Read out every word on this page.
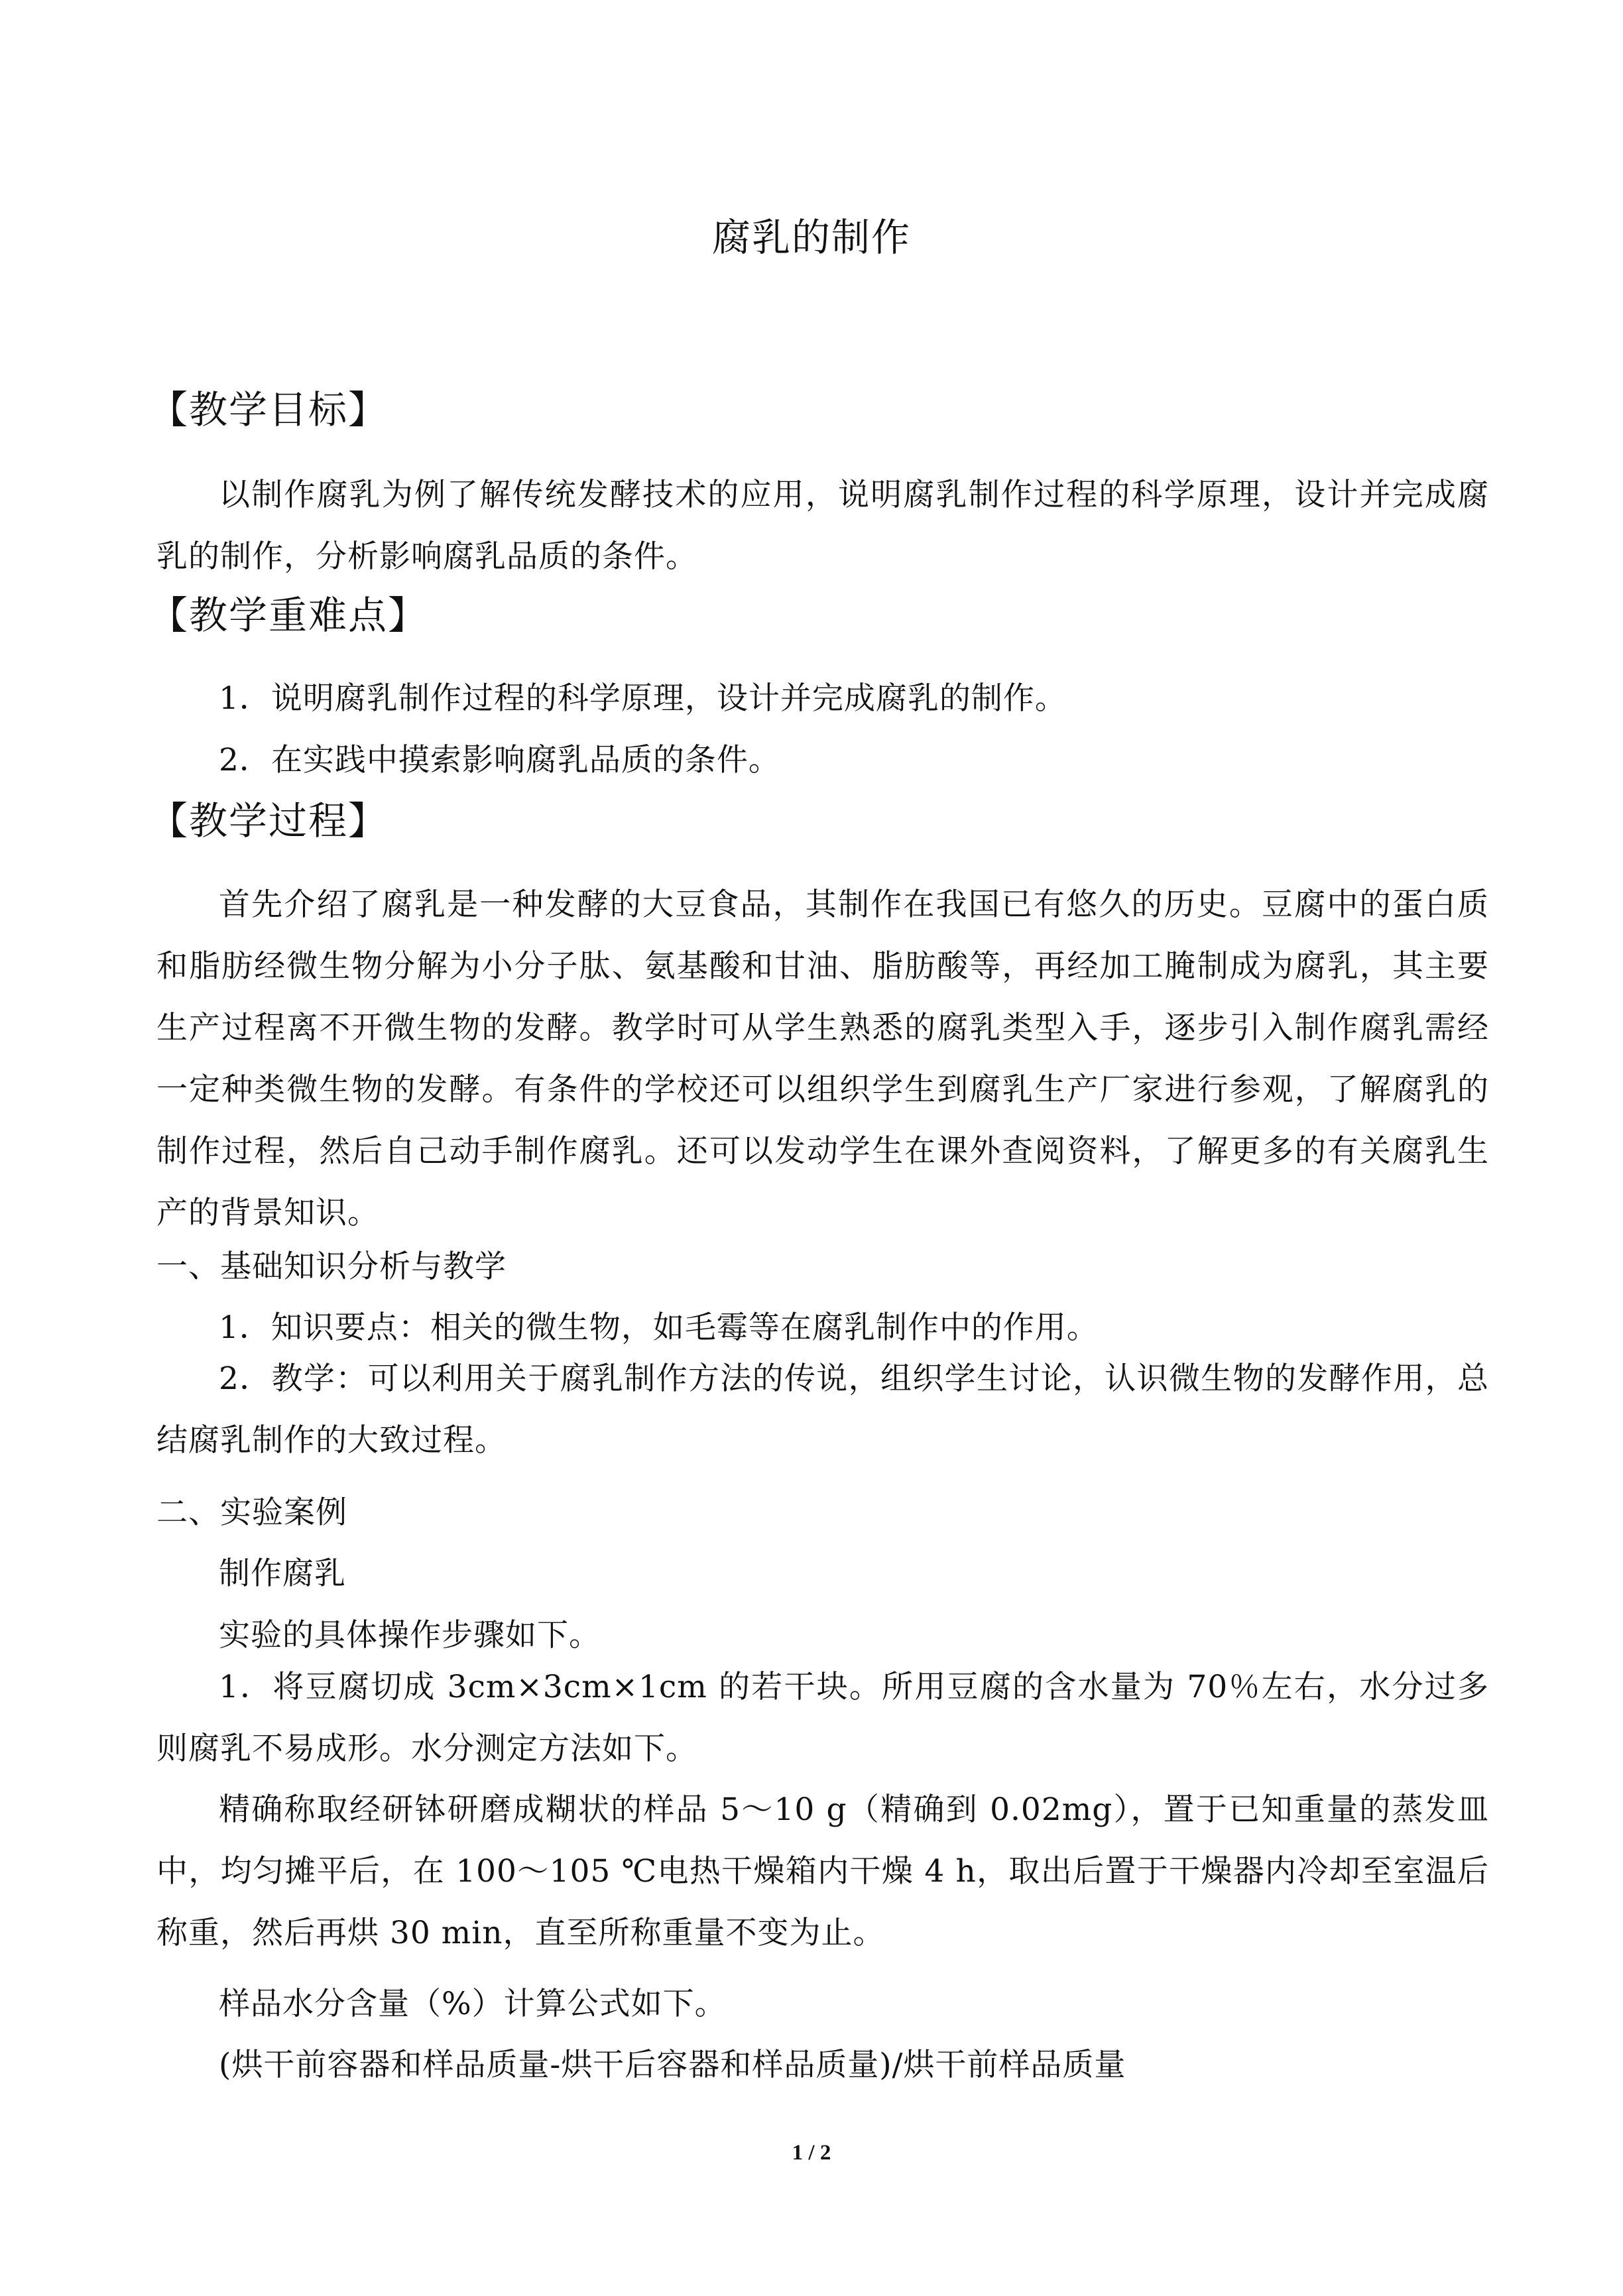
腐乳的制作
【教学目标】
以制作腐乳为例了解传统发酵技术的应用，说明腐乳制作过程的科学原理，设计并完成腐乳的制作，分析影响腐乳品质的条件。
【教学重难点】
1．说明腐乳制作过程的科学原理，设计并完成腐乳的制作。
2．在实践中摸索影响腐乳品质的条件。
【教学过程】
首先介绍了腐乳是一种发酵的大豆食品，其制作在我国已有悠久的历史。豆腐中的蛋白质和脂肪经微生物分解为小分子肽、氨基酸和甘油、脂肪酸等，再经加工腌制成为腐乳，其主要生产过程离不开微生物的发酵。教学时可从学生熟悉的腐乳类型入手，逐步引入制作腐乳需经一定种类微生物的发酵。有条件的学校还可以组织学生到腐乳生产厂家进行参观，了解腐乳的制作过程，然后自己动手制作腐乳。还可以发动学生在课外查阅资料，了解更多的有关腐乳生产的背景知识。
一、基础知识分析与教学
1．知识要点：相关的微生物，如毛霉等在腐乳制作中的作用。
2．教学：可以利用关于腐乳制作方法的传说，组织学生讨论，认识微生物的发酵作用，总结腐乳制作的大致过程。
二、实验案例
制作腐乳
实验的具体操作步骤如下。
1．将豆腐切成 3cm×3cm×1cm 的若干块。所用豆腐的含水量为 70％左右，水分过多则腐乳不易成形。水分测定方法如下。
精确称取经研钵研磨成糊状的样品 5～10 g（精确到 0.02mg），置于已知重量的蒸发皿中，均匀摊平后，在 100～105 ℃电热干燥箱内干燥 4 h，取出后置于干燥器内冷却至室温后称重，然后再烘 30 min，直至所称重量不变为止。
样品水分含量（%）计算公式如下。
(烘干前容器和样品质量-烘干后容器和样品质量)/烘干前样品质量
1 / 2
